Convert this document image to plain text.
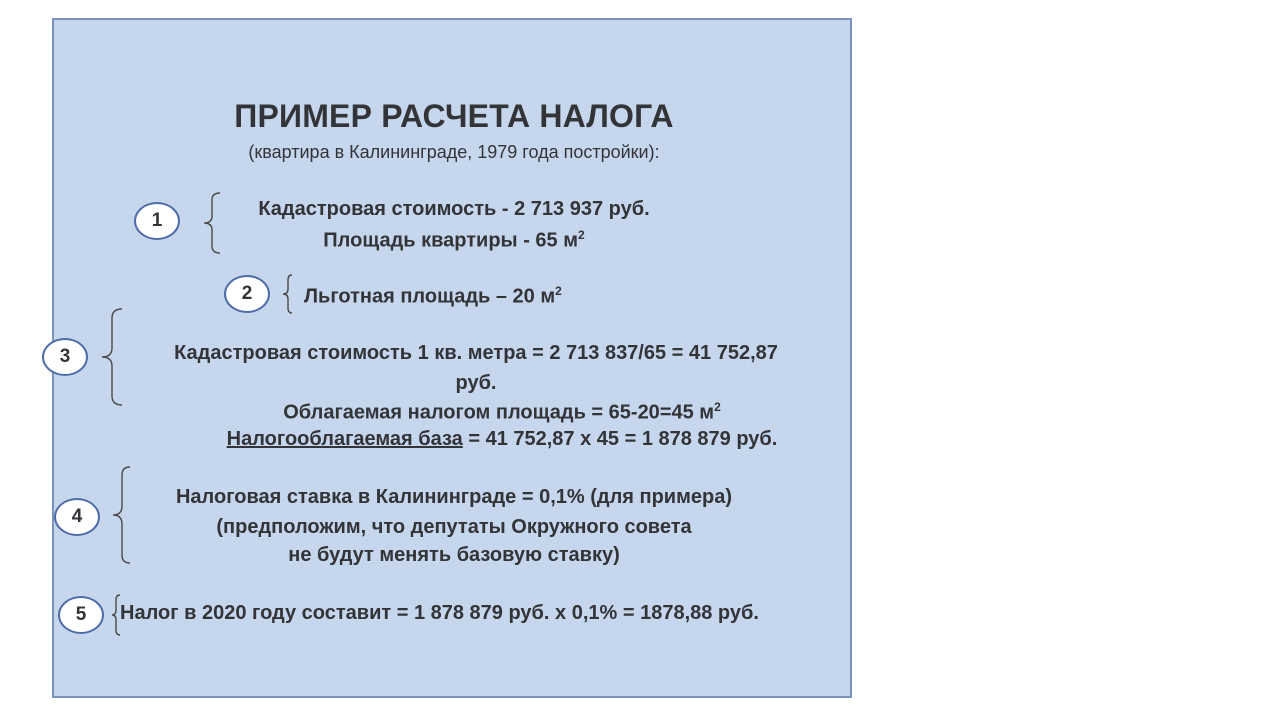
ПРИМЕР РАСЧЕТА НАЛОГА
(квартира в Калининграде, 1979 года постройки):
1
Кадастровая стоимость - 2 713 937 руб.
Площадь квартиры - 65 $м^2$
2	Льготная площадь – 20 $м^2$
3	Кадастровая стоимость 1 кв. метра = 2 713 837/65 = 41 752,87
руб.
Облагаемая налогом площадь = 65-20=45 $м^2$
Налогооблагаемая база = 41 752,87 х 45 = 1 878 879 руб.
4
Налоговая ставка в Калининграде = 0,1% (для примера)
(предположим, что депутаты Окружного совета
не будут менять базовую ставку)
5 Налог в 2020 году составит = 1 878 879 руб. х 0,1% = 1878,88 руб.
